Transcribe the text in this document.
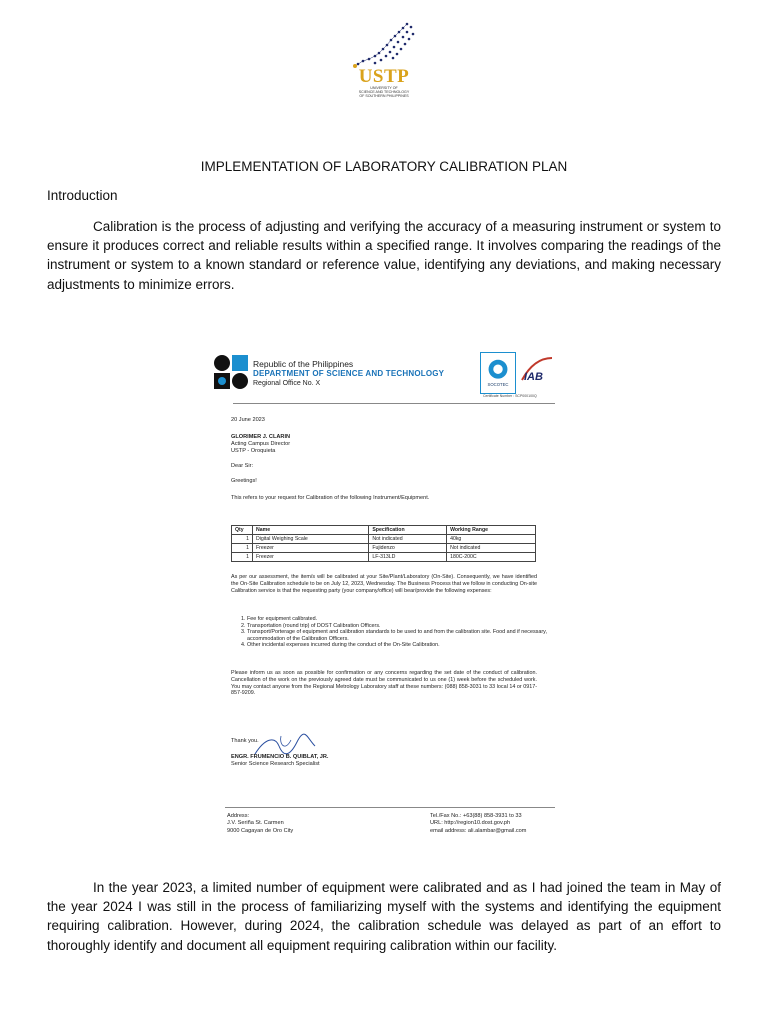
USTP
UNIVERSITY OF
SCIENCE AND TECHNOLOGY
OF SOUTHERN PHILIPPINES
IMPLEMENTATION OF LABORATORY CALIBRATION PLAN
Introduction

Calibration is the process of adjusting and verifying the accuracy of a measuring instrument or system to ensure it produces correct and reliable results within a specified range. It involves comparing the readings of the instrument or system to a known standard or reference value, identifying any deviations, and making necessary adjustments to minimize errors.

Republic of the Philippines
DEPARTMENT OF SCIENCE AND TECHNOLOGY
Regional Office No. X	SOCOTEC
IAB
Certificate Number : SCP000100Q
20 June 2023
GLORIMER J. CLARIN
Acting Campus Director
USTP - Oroquieta
Dear Sir:
Greetings!
This refers to your request for Calibration of the following Instrument/Equipment.
Qty	Name	Specification	Working Range
1	Digital Weighing Scale	Not indicated	40kg
1	Freezer	Fujidenzo	Not indicated
1	Freezer	LF-313LD	180C-200C
As per our assessment, the item/s will be calibrated at your Site/Plant/Laboratory (On-Site). Consequently, we have identified the On-Site Calibration schedule to be on July 12, 2023, Wednesday. The Business Process that we follow in conducting On-site Calibration service is that the requesting party (your company/office) will bear/provide the following expenses:
1. Fee for equipment calibrated.
2. Transportation (round trip) of DOST Calibration Officers.
3. Transport/Porterage of equipment and calibration standards to be used to and from the calibration site. Food and if necessary, accommodation of the Calibration Officers.
4. Other incidental expenses incurred during the conduct of the On-Site Calibration.
Please inform us as soon as possible for confirmation or any concerns regarding the set date of the conduct of calibration. Cancellation of the work on the previously agreed date must be communicated to us one (1) week before the scheduled work. You may contact anyone from the Regional Metrology Laboratory staff at these numbers: (088) 858-3031 to 33 local 14 or 0917-857-9209.
Thank you.
ENGR. FRUMENCIO B. QUIBLAT, JR.
Senior Science Research Specialist
Address:
J.V. Seriña St. Carmen
9000 Cagayan de Oro City
Tel./Fax No.: +63(88) 858-3931 to 33
URL: http://region10.dost.gov.ph
email address: ali.alambar@gmail.com

In the year 2023, a limited number of equipment were calibrated and as I had joined the team in May of the year 2024 I was still in the process of familiarizing myself with the systems and identifying the equipment requiring calibration. However, during 2024, the calibration schedule was delayed as part of an effort to thoroughly identify and document all equipment requiring calibration within our facility.
